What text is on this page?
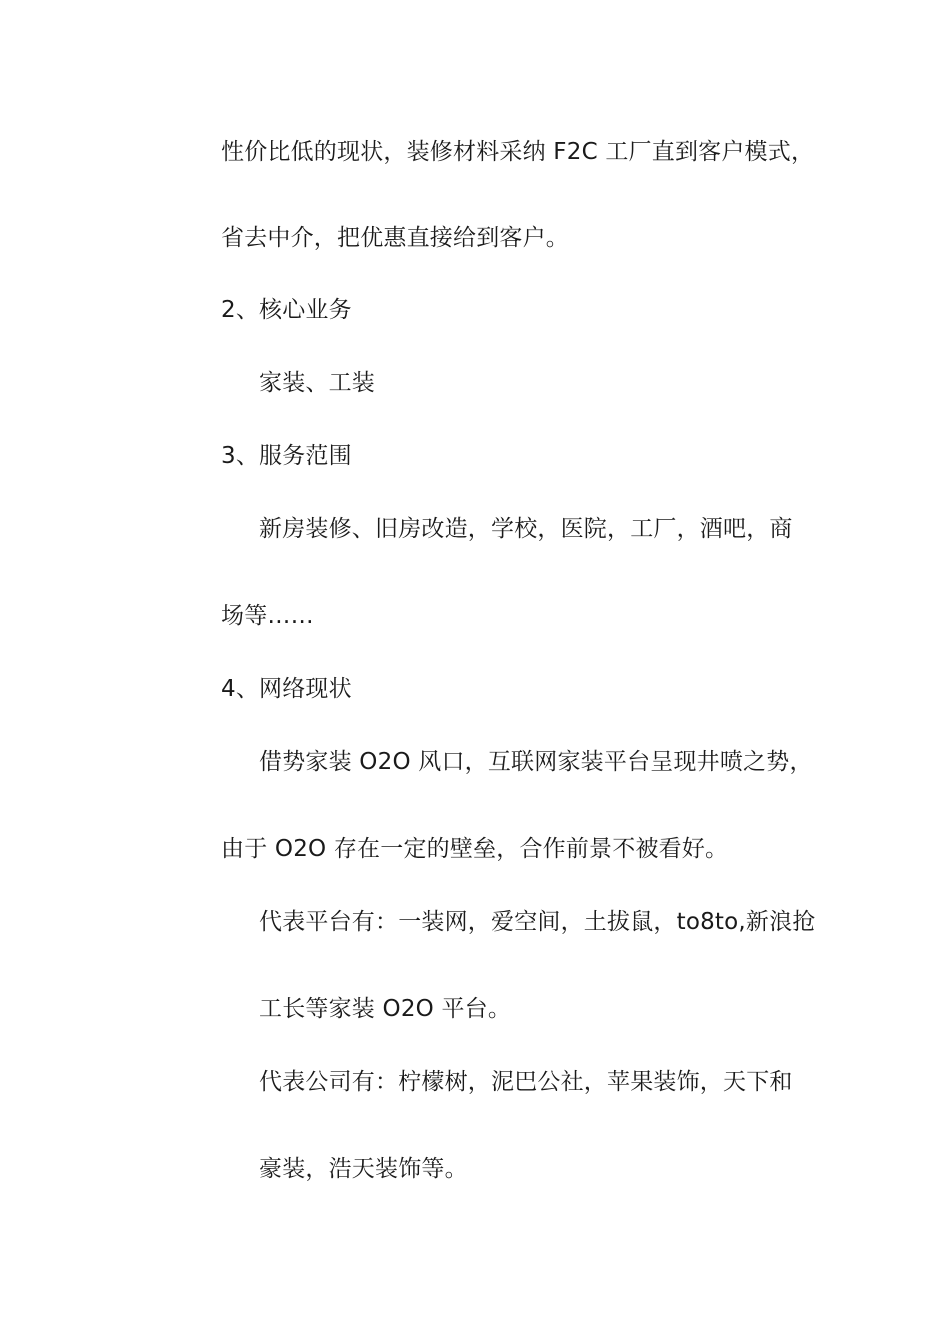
性价比低的现状，装修材料采纳 F2C 工厂直到客户模式，
省去中介，把优惠直接给到客户。
2、核心业务
家装、工装
3、服务范围
新房装修、旧房改造，学校，医院，工厂，酒吧，商
场等……
4、网络现状
借势家装 O2O 风口，互联网家装平台呈现井喷之势，
由于 O2O 存在一定的壁垒，合作前景不被看好。
代表平台有：一装网，爱空间，土拔鼠，to8to,新浪抢
工长等家装 O2O 平台。
代表公司有：柠檬树，泥巴公社，苹果装饰，天下和
豪装，浩天装饰等。
